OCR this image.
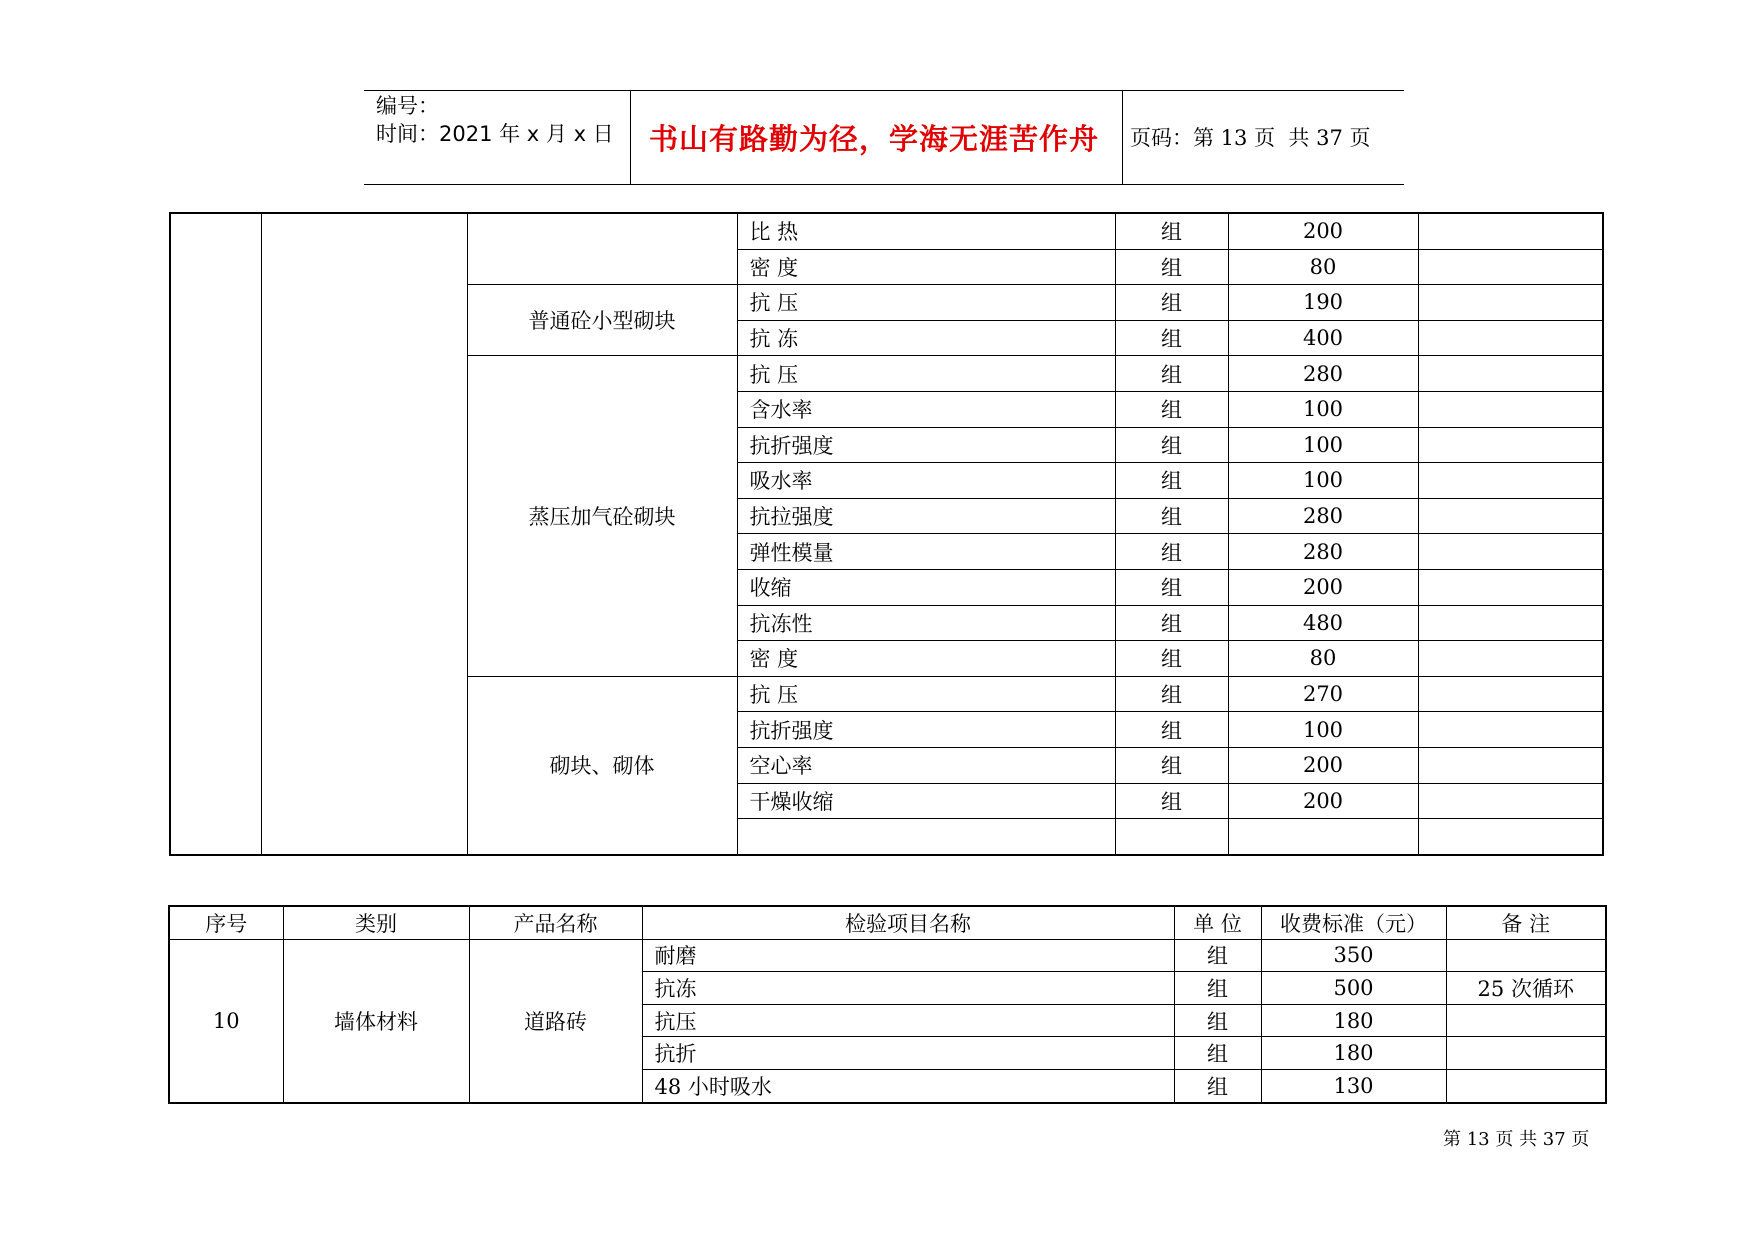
编号：
时间：2021 年 x 月 x 日	书山有路勤为径，学海无涯苦作舟	页码：第 13 页  共 37 页
			比 热	组	200	
			密 度	组	80	
		普通砼小型砌块	抗 压	组	190	
			抗 冻	组	400	
		蒸压加气砼砌块	抗 压	组	280	
			含水率	组	100	
			抗折强度	组	100	
			吸水率	组	100	
			抗拉强度	组	280	
			弹性模量	组	280	
			收缩	组	200	
			抗冻性	组	480	
			密 度	组	80	
		砌块、砌体	抗 压	组	270	
			抗折强度	组	100	
			空心率	组	200	
			干燥收缩	组	200	

序号	类别	产品名称	检验项目名称	单 位	收费标准（元）	备 注
10	墙体材料	道路砖	耐磨	组	350	
			抗冻	组	500	25 次循环
			抗压	组	180	
			抗折	组	180	
			48 小时吸水	组	130	
第 13 页 共 37 页
